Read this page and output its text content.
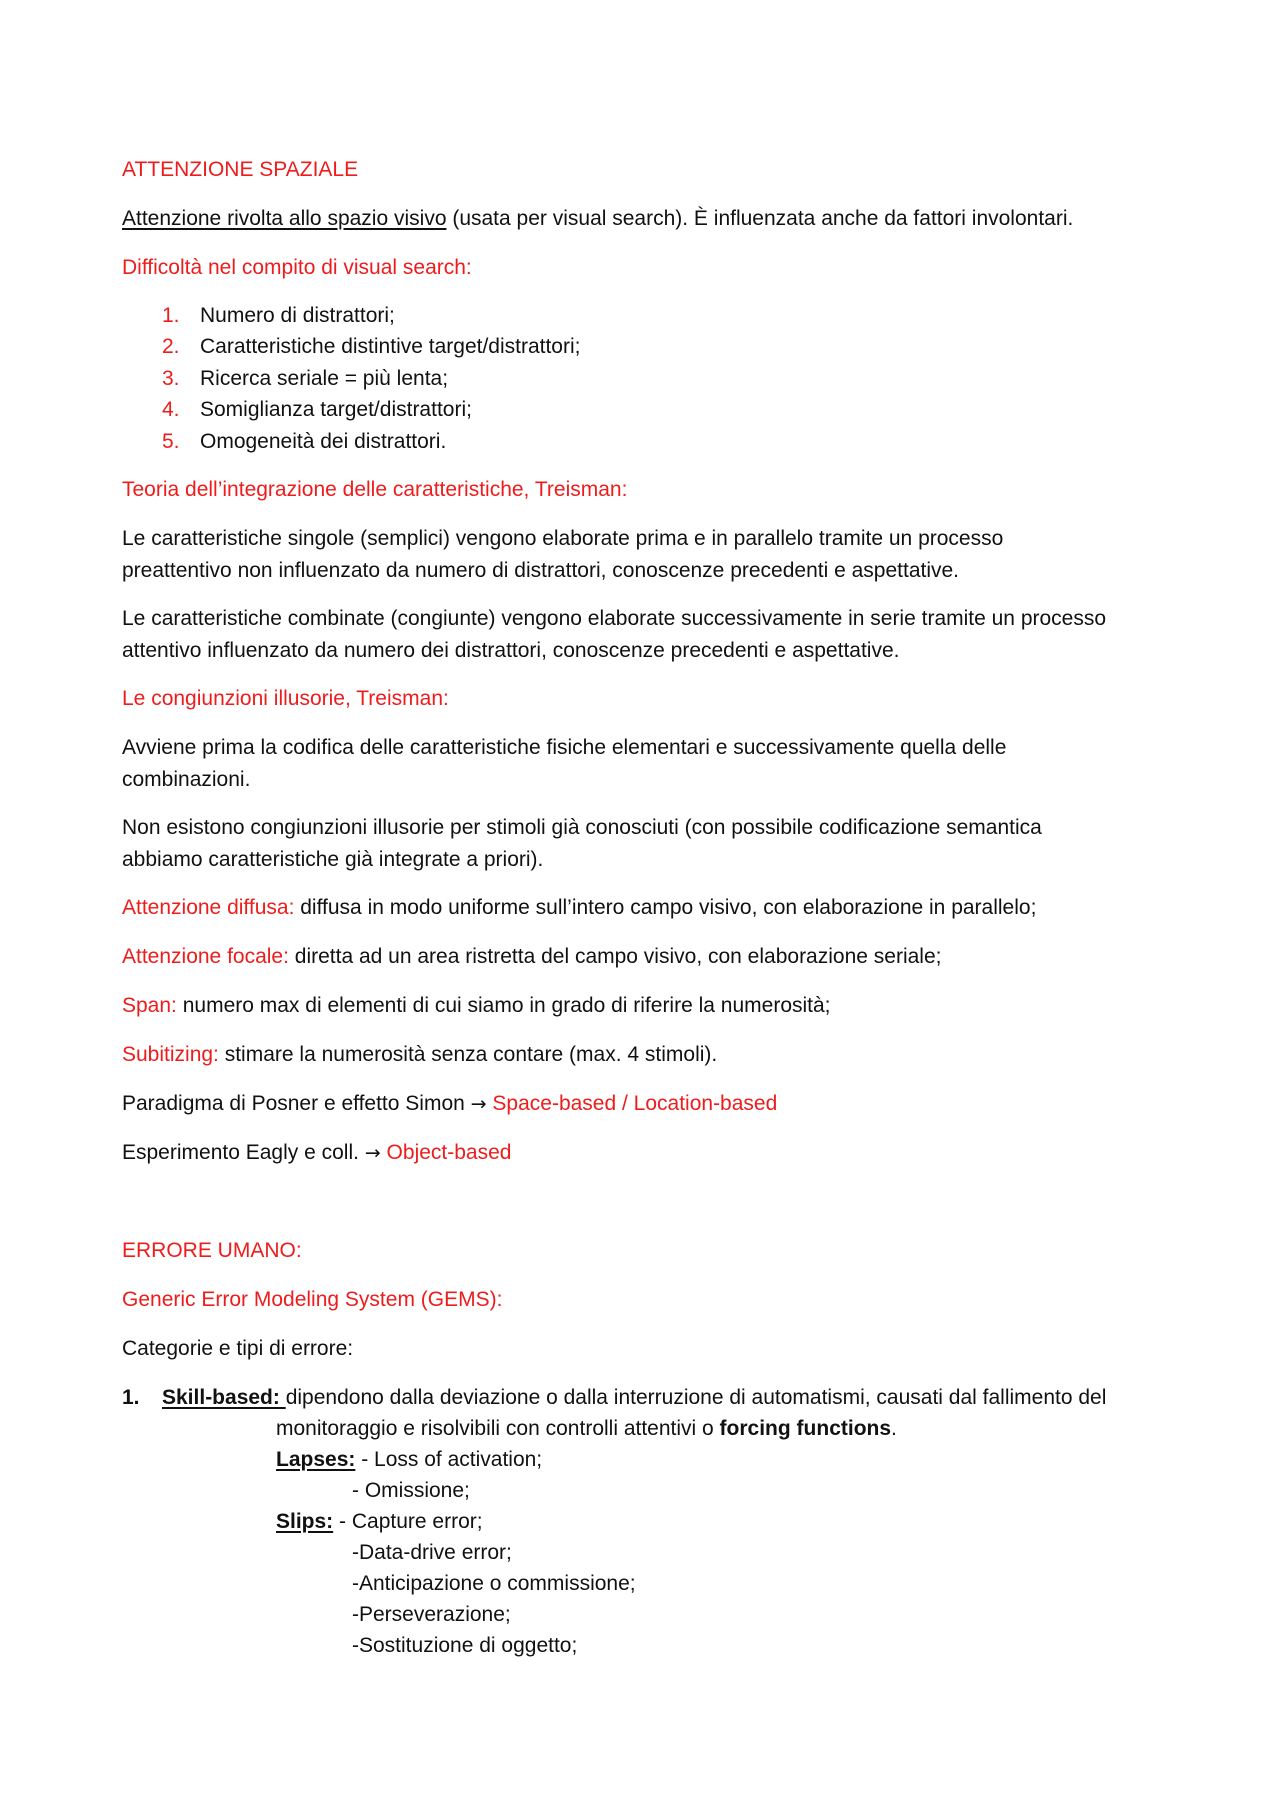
ATTENZIONE SPAZIALE
Attenzione rivolta allo spazio visivo (usata per visual search). È influenzata anche da fattori involontari.
Difficoltà nel compito di visual search:
1. Numero di distrattori;
2. Caratteristiche distintive target/distrattori;
3. Ricerca seriale = più lenta;
4. Somiglianza target/distrattori;
5. Omogeneità dei distrattori.
Teoria dell’integrazione delle caratteristiche, Treisman:
Le caratteristiche singole (semplici) vengono elaborate prima e in parallelo tramite un processo
preattentivo non influenzato da numero di distrattori, conoscenze precedenti e aspettative.
Le caratteristiche combinate (congiunte) vengono elaborate successivamente in serie tramite un processo
attentivo influenzato da numero dei distrattori, conoscenze precedenti e aspettative.
Le congiunzioni illusorie, Treisman:
Avviene prima la codifica delle caratteristiche fisiche elementari e successivamente quella delle
combinazioni.
Non esistono congiunzioni illusorie per stimoli già conosciuti (con possibile codificazione semantica
abbiamo caratteristiche già integrate a priori).
Attenzione diffusa: diffusa in modo uniforme sull’intero campo visivo, con elaborazione in parallelo;
Attenzione focale: diretta ad un area ristretta del campo visivo, con elaborazione seriale;
Span: numero max di elementi di cui siamo in grado di riferire la numerosità;
Subitizing: stimare la numerosità senza contare (max. 4 stimoli).
Paradigma di Posner e effetto Simon → Space-based / Location-based
Esperimento Eagly e coll. → Object-based
ERRORE UMANO:
Generic Error Modeling System (GEMS):
Categorie e tipi di errore:
1. Skill-based: dipendono dalla deviazione o dalla interruzione di automatismi, causati dal fallimento del
monitoraggio e risolvibili con controlli attentivi o forcing functions.
Lapses: - Loss of activation;
- Omissione;
Slips: - Capture error;
-Data-drive error;
-Anticipazione o commissione;
-Perseverazione;
-Sostituzione di oggetto;
